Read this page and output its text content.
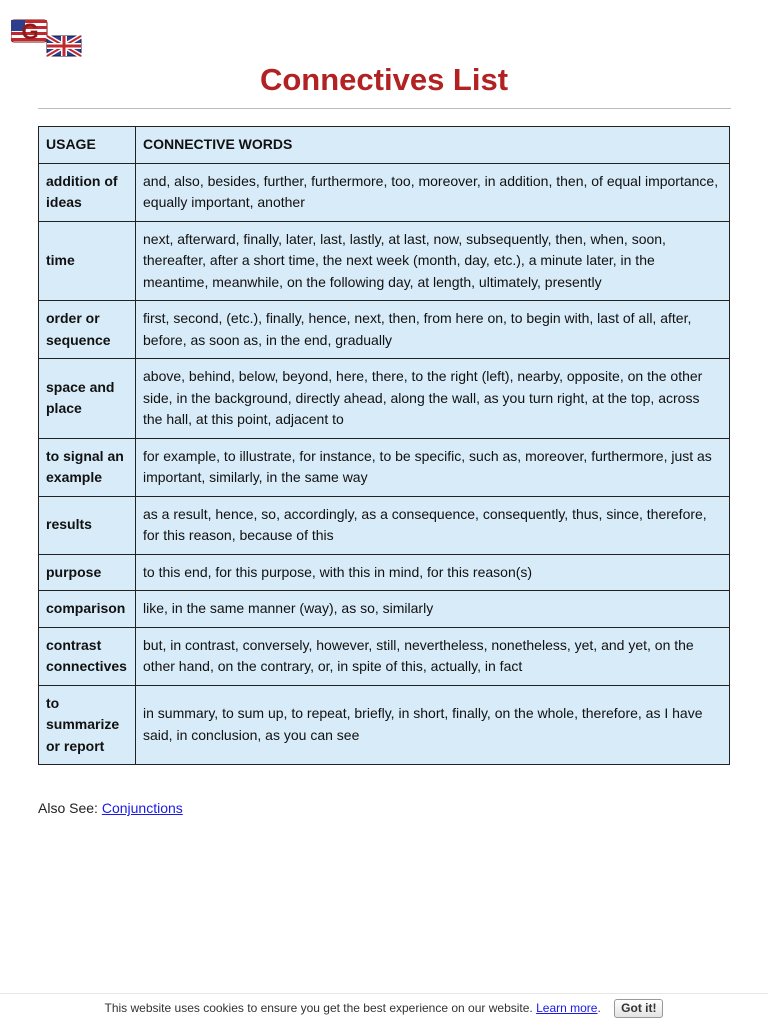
G
Connectives List
USAGE	CONNECTIVE WORDS
addition of ideas	and, also, besides, further, furthermore, too, moreover, in addition, then, of equal importance, equally important, another
time	next, afterward, finally, later, last, lastly, at last, now, subsequently, then, when, soon, thereafter, after a short time, the next week (month, day, etc.), a minute later, in the meantime, meanwhile, on the following day, at length, ultimately, presently
order or sequence	first, second, (etc.), finally, hence, next, then, from here on, to begin with, last of all, after, before, as soon as, in the end, gradually
space and place	above, behind, below, beyond, here, there, to the right (left), nearby, opposite, on the other side, in the background, directly ahead, along the wall, as you turn right, at the top, across the hall, at this point, adjacent to
to signal an example	for example, to illustrate, for instance, to be specific, such as, moreover, furthermore, just as important, similarly, in the same way
results	as a result, hence, so, accordingly, as a consequence, consequently, thus, since, therefore, for this reason, because of this
purpose	to this end, for this purpose, with this in mind, for this reason(s)
comparison	like, in the same manner (way), as so, similarly
contrast connectives	but, in contrast, conversely, however, still, nevertheless, nonetheless, yet, and yet, on the other hand, on the contrary, or, in spite of this, actually, in fact
to summarize or report	in summary, to sum up, to repeat, briefly, in short, finally, on the whole, therefore, as I have said, in conclusion, as you can see
Also See: Conjunctions
This website uses cookies to ensure you get the best experience on our website. Learn more. Got it!
